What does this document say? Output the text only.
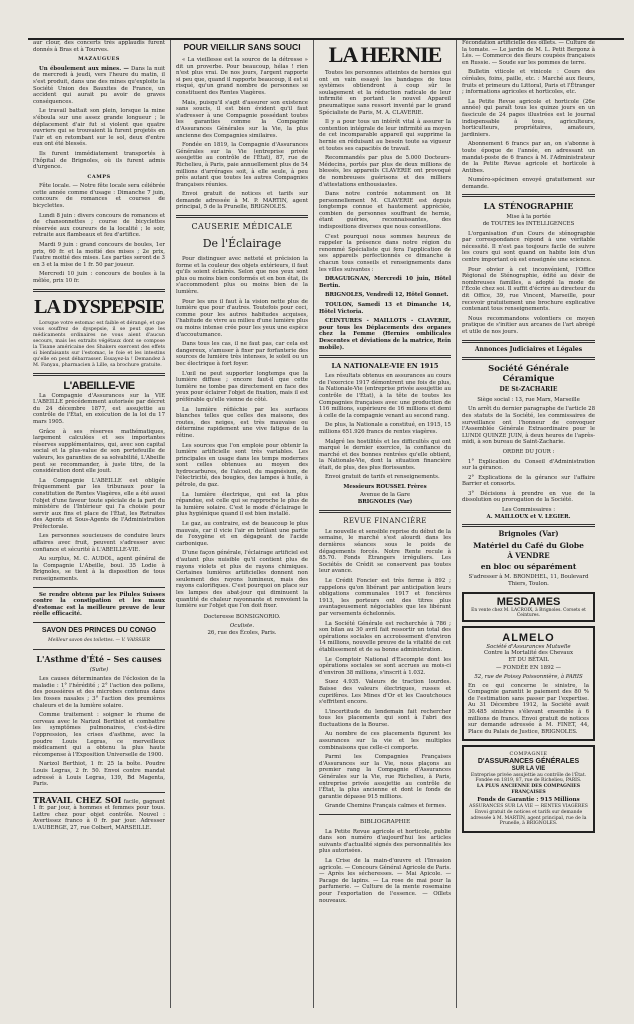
aur clour, des concerts très applaudis furent donnés à Bras et à Tourves.

MAZAUGUES

Un éboulement aux mines. — Dans la nuit de mercredi à jeudi, vers l'heure du matin, il s'est produit, dans une des mines qu'exploite la Société Union des Bauxites de France, un accident qui aurait pu avoir de graves conséquences.

Le travail battait son plein, lorsque la mine s'éboula sur une assez grande longueur ; le déplacement d'air fut si violent que quatre ouvriers qui se trouvaient là furent projetés en l'air et en retombant sur le sol, deux d'entre eux ont été blessés.

Ils furent immédiatement transportés à l'hôpital de Brignoles, où ils furent admis d'urgence.

CAMPS

Fête locale. — Notre fête locale sera célébrée cette année comme d'usage : Dimanche 7 juin, concours de romances et courses de bicyclettes.

Lundi 8 juin : divers concours de romances et de chansonnettes ; course de bicyclettes réservée aux coureurs de la localité ; le soir, retraite aux flambeaux et feu d'artifice.

Mardi 9 juin : grand concours de boules, 1er prix, 60 fr. et la moitié des mises ; 2e prix, l'autre moitié des mises. Les parties seront de 3 en 3 et la mise de 1 fr. 50 par joueur.

Mercredi 10 juin : concours de boules à la mêlée, prix 10 fr.

LA DYSPEPSIE

Lorsque votre estomac est faible et dérangé, et que vous souffrez de dyspepsie, il se peut que les médicaments ordinaires ne vous aient d'aucun secours, mais les extraits végétaux dont se compose la Tisane américaine des Shakers exercent des effets si bienfaisants sur l'estomac, le foie et les intestins qu'elle en peut débarrasser. Essayez-la ! Demandez à M. Fanyau, pharmacien à Lille, sa brochure gratuite.

L'ABEILLE-VIE

La Compagnie d'Assurances sur la VIE L'ABEILLE précédemment autorisée par décret du 24 décembre 1877, est assujettie au contrôle de l'État, en exécution de la loi du 17 mars 1905.

Grâce à ses réserves mathématiques, largement calculées et ses importantes réserves supplémentaires, qui, avec son capital social et la plus-value de son portefeuille de valeurs, les garanties de sa solvabilité, L'Abeille peut se recommander, à juste titre, de la considération dont elle jouit.

La Compagnie L'ABEILLE est obligée fréquemment par les tribunaux pour la constitution de Rentes Viagères, elle a été aussi l'objet d'une faveur toute spéciale de la part du ministère de l'Intérieur qui l'a choisie pour servir aux fins et place de l'État, les Retraites des Agents et Sous-Agents de l'Administration Préfectorale.

Les personnes soucieuses de conduire leurs affaires avec fruit, peuvent s'adresser avec confiance et sécurité à L'ABEILLE-VIE.

Au surplus, M. C. AUDOL, agent général de la Compagnie L'Abeille, boul. 35 Lodie à Brignoles, se tient à la disposition de tous renseignements.

Se rendre obtenu par les Pilules Suisses contre la constipation et les maux d'estomac est la meilleure preuve de leur réelle efficacité.

SAVON DES PRINCES DU CONGO
Meilleur savon des toilettes. — V. VAISSIER
L'Asthme d'Été – Ses causes
(Suite)

Les causes déterminantes de l'éclosion de la maladie : 1° l'hérédité ; 2° l'action des pollens, des poussières et des microbes contenus dans les fosses nasales ; 3° l'action des premières chaleurs et de la lumière solaire.

Comme traitement : soigner le rhume de cerveau avec le Narizol Berthiot et combattre les symptômes pulmonaires, c'est-à-dire l'oppression, les crises d'asthme, avec la poudre Louis Legras, ce merveilleux médicament qui a obtenu la plus haute récompense à l'Exposition Universelle de 1900.

Narizol Berthiot, 1 fr. 25 la boîte. Poudre Louis Legras, 2 fr. 50. Envoi contre mandat adressé à Louis Legras, 139, Bd Magenta, Paris.

TRAVAIL CHEZ SOI facile, gagnant 1 fr. par jour, à hommes et femmes pour tous. Lettre chez pour objet contrôle. Nouvel : Avertissez franco à 0 fr. par jour. Adresser L'AUBERGE, 27, rue Colbert, MARSEILLE.

POUR VIEILLIR SANS SOUCI

« La vieillesse est la source de la détresse » dit un proverbe. Pour beaucoup, hélas ! rien n'est plus vrai. De nos jours, l'argent rapporte si peu que, quand il rapporte beaucoup, il est si risqué, qu'un grand nombre de personnes se constituent des Rentes Viagères.

Mais, puisqu'il s'agit d'assurer son existence sans soucis, il est bien évident qu'il faut s'adresser à une Compagnie possédant toutes les garanties comme la Compagnie d'Assurances Générales sur la Vie, la plus ancienne des Compagnies similaires.

Fondée en 1819, la Compagnie d'Assurances Générales sur la Vie (entreprise privée assujettie au contrôle de l'État), 87, rue de Richelieu, à Paris, paie annuellement plus de 54 millions d'arrérages soit, à elle seule, à peu près autant que toutes les autres Compagnies françaises réunies.

Envoi gratuit de notices et tarifs sur demande adressée à M. P. MARTIN, agent principal, 5 de la Prunelle, BRIGNOLES.

CAUSERIE MÉDICALE
De l'Éclairage

Pour distinguer avec netteté et précision la forme et la couleur des objets extérieurs, il faut qu'ils soient éclairés. Selon que nos yeux sont plus ou moins bien conformés et en bon état, ils s'accommodent plus ou moins bien de la lumière.

Pour les uns il faut à la vision nette plus de lumière que pour d'autres. Toutefois pour ceci, comme pour les autres habitudes acquises, l'habitude de vivre au milieu d'une lumière plus ou moins intense crée pour les yeux une espèce d'accoutumance.

Dans tous les cas, il ne faut pas, car cela est dangereux, s'amuser à fixer par forfanterie des sources de lumière très intenses, le soleil ou un bec électrique à fort foyer.

L'œil ne peut supporter longtemps que la lumière diffuse ; encore faut-il que cette lumière ne tombe pas directement en face des yeux pour éclairer l'objet de fixation, mais il est préférable qu'elle vienne de côté.

La lumière réfléchie par les surfaces blanches telles que celles des maisons, des routes, des neiges, est très mauvaise ou détermine rapidement une vive fatigue de la rétine.

Les sources que l'on emploie pour obtenir la lumière artificielle sont très variables. Les principales en usage dans les temps modernes sont celles obtenues au moyen des hydrocarbures, de l'alcool, du magnésium, de l'électricité, des bougies, des lampes à huile, à pétrole, du gaz.

La lumière électrique, qui est la plus répandue, est celle qui se rapproche le plus de la lumière solaire. C'est le mode d'éclairage le plus hygiénique quand il est bien installé.

Le gaz, au contraire, est de beaucoup le plus mauvais, car il vicie l'air en brûlant une partie de l'oxygène et en dégageant de l'acide carbonique.

D'une façon générale, l'éclairage artificiel est d'autant plus nuisible qu'il contient plus de rayons violets et plus de rayons chimiques. Certaines lumières artificielles donnent non seulement des rayons lumineux, mais des rayons calorifiques. C'est pourquoi on place sur les lampes des abat-jour qui diminuent la quantité de chaleur rayonnante et renvoient la lumière sur l'objet que l'on doit fixer.

Docteresse BONSIGNORIO.
Oculiste.
26, rue des Écoles, Paris.
LA HERNIE

Toutes les personnes atteintes de hernies qui ont en vain essayé les bandages de tous systèmes obtiendront à coup sûr le soulagement et la réduction radicale de leur infirmité en portant le nouvel Appareil pneumatique sans ressort inventé par le grand Spécialiste de Paris, M. A. CLAVERIE.

Il y a pour tous un intérêt vital à assurer la contention intégrale de leur infirmité au moyen de cet incomparable appareil qui supprime la hernie en réduisant au besoin toute sa vigueur et toutes ses capacités de travail.

Recommandés par plus de 5.000 Docteurs-Médecins, portés par plus de deux millions de blessés, les appareils CLAVERIE ont provoqué de nombreuses guérisons et des milliers d'attestations enthousiastes.

Dans notre contrée notamment on lit personnellement M. CLAVERIE est depuis longtemps connue et hautement appréciée, combien de personnes souffrant de hernie, étant guéries, reconnaissantes, des indispositions diverses que nous conseillons.

C'est pourquoi nous sommes heureux de rappeler la présence dans notre région du renommé Spécialiste qui fera l'application de ses appareils perfectionnés ce dimanche à chacun tous conseils et renseignements dans les villes suivantes :

DRAGUIGNAN, Mercredi 10 juin, Hôtel Bertin.

BRIGNOLES, Vendredi 12, Hôtel Gonnet.

TOULON, Samedi 13 et Dimanche 14, Hôtel Victoria.

CEINTURES - MAILLOTS - CLAVERIE, pour tous les Déplacements des organes chez la Femme (Hernies ombilicales Descentes et déviations de la matrice, Rein mobile).

LA NATIONALE-VIE EN 1915

Les résultats obtenus en assurances au cours de l'exercice 1917 démontrent une fois de plus, la Nationale-Vie (entreprise privée assujettie au contrôle de l'État), à la tête de toutes les Compagnies françaises avec une production de 116 millions, supérieure de 16 millions et demi à celle de la compagnie venant au second rang.

De plus, la Nationale a constitué, en 1915, 15 millions 651.926 francs de rentes viagères.

Malgré les hostilités et les difficultés qui ont marqué le dernier exercice, la confiance du marché et des bonnes rentrées qu'elle obtient, la Nationale-Vie, dont la situation financière était, de plus, des plus florissantes.

Envoi gratuit de tarifs et renseignements.

Messieurs ROUSSEL Frères
Avenue de la Gare
BRIGNOLES (Var)
REVUE FINANCIÈRE

Le nouvelle et sensible reprise du début de la semaine, le marché s'est alourdi dans les dernières séances sous le poids de dégagements forcés. Notre Rente recule à 85.70. Fonds Étrangers irréguliers. Les Sociétés de Crédit se conservent pas toutes leur avance.

Le Crédit Foncier est très ferme à 892 ; rappelons qu'on libérant par anticipation leurs obligations communales 1917 et foncières 1913, les porteurs ont des titres plus avantageusement négociables que les libérant par versements échelonnés.

La Société Générale est recherchée à 786 ; son bilan au 30 avril fait ressortir un total des opérations sociales en accroissement d'environ 14 millions, nouvelle preuve de la vitalité de cet établissement et de sa bonne administration.

Le Comptoir National d'Escompte dont les opérations sociales se sont accrues au mois-ci d'environ 38 millions, s'inscrit à 1.032.

Suez 4.935. Valeurs de traction lourdes. Baisse des valeurs électriques, russes et cuprifères. Les Mines d'Or et les Caoutchoucs s'effritent encore.

L'incertitude du lendemain fait rechercher tous les placements qui sont à l'abri des fluctuations de la Bourse.

Au nombre de ces placements figurent les assurances sur la vie et les multiples combinaisons que celle-ci comporte.

Parmi les Compagnies Françaises d'Assurances sur la Vie, nous plaçons au premier rang la Compagnie d'Assurances Générales sur la Vie, rue Richelieu, à Paris, entreprise privée assujettie au contrôle de l'État, la plus ancienne et dont le fonds de garantie dépasse 915 millions.

Grande Chemins Français calmes et fermes.

BIBLIOGRAPHIE

La Petite Revue agricole et horticole, publie dans son numéro d'aujourd'hui les articles suivants d'actualité signés des personnalités les plus autorisées.

La Crise de la main-d'œuvre et l'Invasion agricole. — Concours Général Agricole de Paris. — Après les sécheresses. — Mai Apicole. — Pacage de lapins. — La rose de mai pour la parfumerie. — Culture de la mente rosemaine pour l'exportation de l'essence. — Oïllets nouveaux.

Fécondation artificielle des oïllets. — Culture de la tomate. — Le jardin de M. L. Petit Bergonz à Lès. — Commerce des fleurs coupées françaises en Russie. — Soude sur les pommes de terre.

Bulletin viticole et vinicole : Cours des céréales, foins, paille, etc. : Marché aux fleurs, fruits et primeurs du Littoral, Paris et l'Étranger ; informations agricoles et horticoles, etc.

La Petite Revue agricole et horticole (26e année) qui paraît tous les quinze jours en un fascicule de 24 pages illustrées est le journal indispensable à tous, agriculteurs, horticulteurs, propriétaires, amateurs, jardiniers.

Abonnement 6 francs par an, on s'abonne à toute époque de l'année, en adressant un mandat-poste de 6 francs à M. l'Administrateur de la Petite Revue agricole et horticole à Antibes.

Numéro-spécimen envoyé gratuitement sur demande.

LA STÉNOGRAPHIE
Mise à la portée
de TOUTES les INTELLIGENCES

L'organisation d'un Cours de sténographie par correspondance répond à une véritable nécessité. Il n'est pas toujours facile de suivre les cours qui sont quand on habite loin d'un centre important où est enseignée une science.

Pour obvier à cet inconvénient, l'Office Régional de Sténographie, édité au désir de nombreuses familles, a adopté la mode de l'École chez soi. Il suffit d'écrire au directeur du dit Office, 39, rue Vincent, Marseille, pour recevoir gratuitement une brochure explicative contenant tous renseignements.

Nous recommandons volontiers ce moyen pratique de s'initier aux arcanes de l'art abrégé et utile de nos jours.

Annonces Judiciaires et Légales
Société Générale Céramique
DE St-ZACHARIE
Siège social : 13, rue Marx, Marseille

Un arrêt du dernier paragraphe de l'article 28 des statuts de la Société, les commissaires de surveillance ont l'honneur de convoquer l'Assemblée Générale Extraordinaire pour le LUNDI QUINZE JUIN, à deux heures de l'après-midi, à son bureau de Saint-Zacharie.

ORDRE DU JOUR :

1° Explication du Conseil d'Administration sur la gérance.

2° Explications de la gérance sur l'affaire Barrier et consorts.

3° Décisions à prendre en vue de la dissolution ou prorogation de la Société.

Les Commissaires :
A. MAILLOUX et V. LEGIER.
Brignoles (Var)
Matériel du Café du Globe
À VENDRE
en bloc ou séparément

S'adresser à M. BRONDHEL, 11, Boulevard Thiers, Toulon.

MESDAMES
En vente chez M. LACROIX, à Brignoles. Corsets et Ceintures.
ALMELO
Société d'Assurances Mutuelle
Contre la Mortalité des Chevaux
ET DU BÉTAIL
— FONDÉE EN 1892 —
52, rue de Poissy Poissonnière, à PARIS
En ce qui concerne le sinistre, la Compagnie garantit le paiement des 80 % de l'estimation sans passer par l'expertise. Au 31 Décembre 1912, la Société avait 30.485 sinistres s'élevant ensemble à 6 millions de francs. Envoi gratuit de notices sur demande adressée à M. FINET, 44, Place du Palais de Justice, BRIGNOLES.
COMPAGNIE
D'ASSURANCES GÉNÉRALES
SUR LA VIE
Entreprise privée assujettie au contrôle de l'État. Fondée en 1819, 87, rue de Richelieu, PARIS.
LA PLUS ANCIENNE DES COMPAGNIES FRANÇAISES
Fonds de Garantie : 915 Millions
ASSURANCES SUR LA VIE — RENTES VIAGÈRES
Envoi gratuit de notices et tarifs sur demande adressée à M. MARTIN, agent principal, rue de la Prunelle, à BRIGNOLES.
